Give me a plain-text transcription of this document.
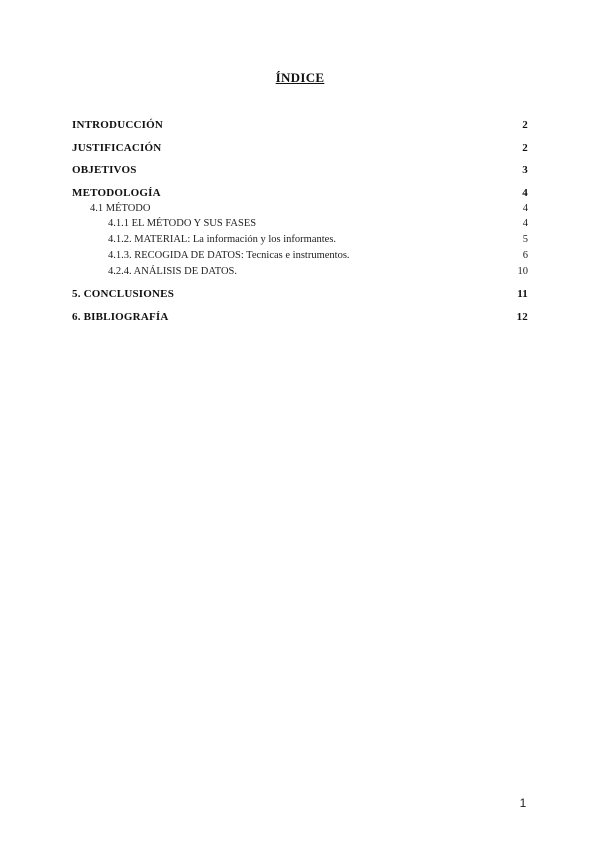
ÍNDICE
INTRODUCCIÓN	2
JUSTIFICACIÓN	2
OBJETIVOS	3
METODOLOGÍA	4
4.1 MÉTODO	4
4.1.1 EL MÉTODO Y SUS FASES	4
4.1.2. MATERIAL: La información y los informantes.	5
4.1.3. RECOGIDA DE DATOS: Tecnicas e instrumentos.	6
4.2.4. ANÁLISIS DE DATOS.	10
5. CONCLUSIONES	11
6. BIBLIOGRAFÍA	12
1
